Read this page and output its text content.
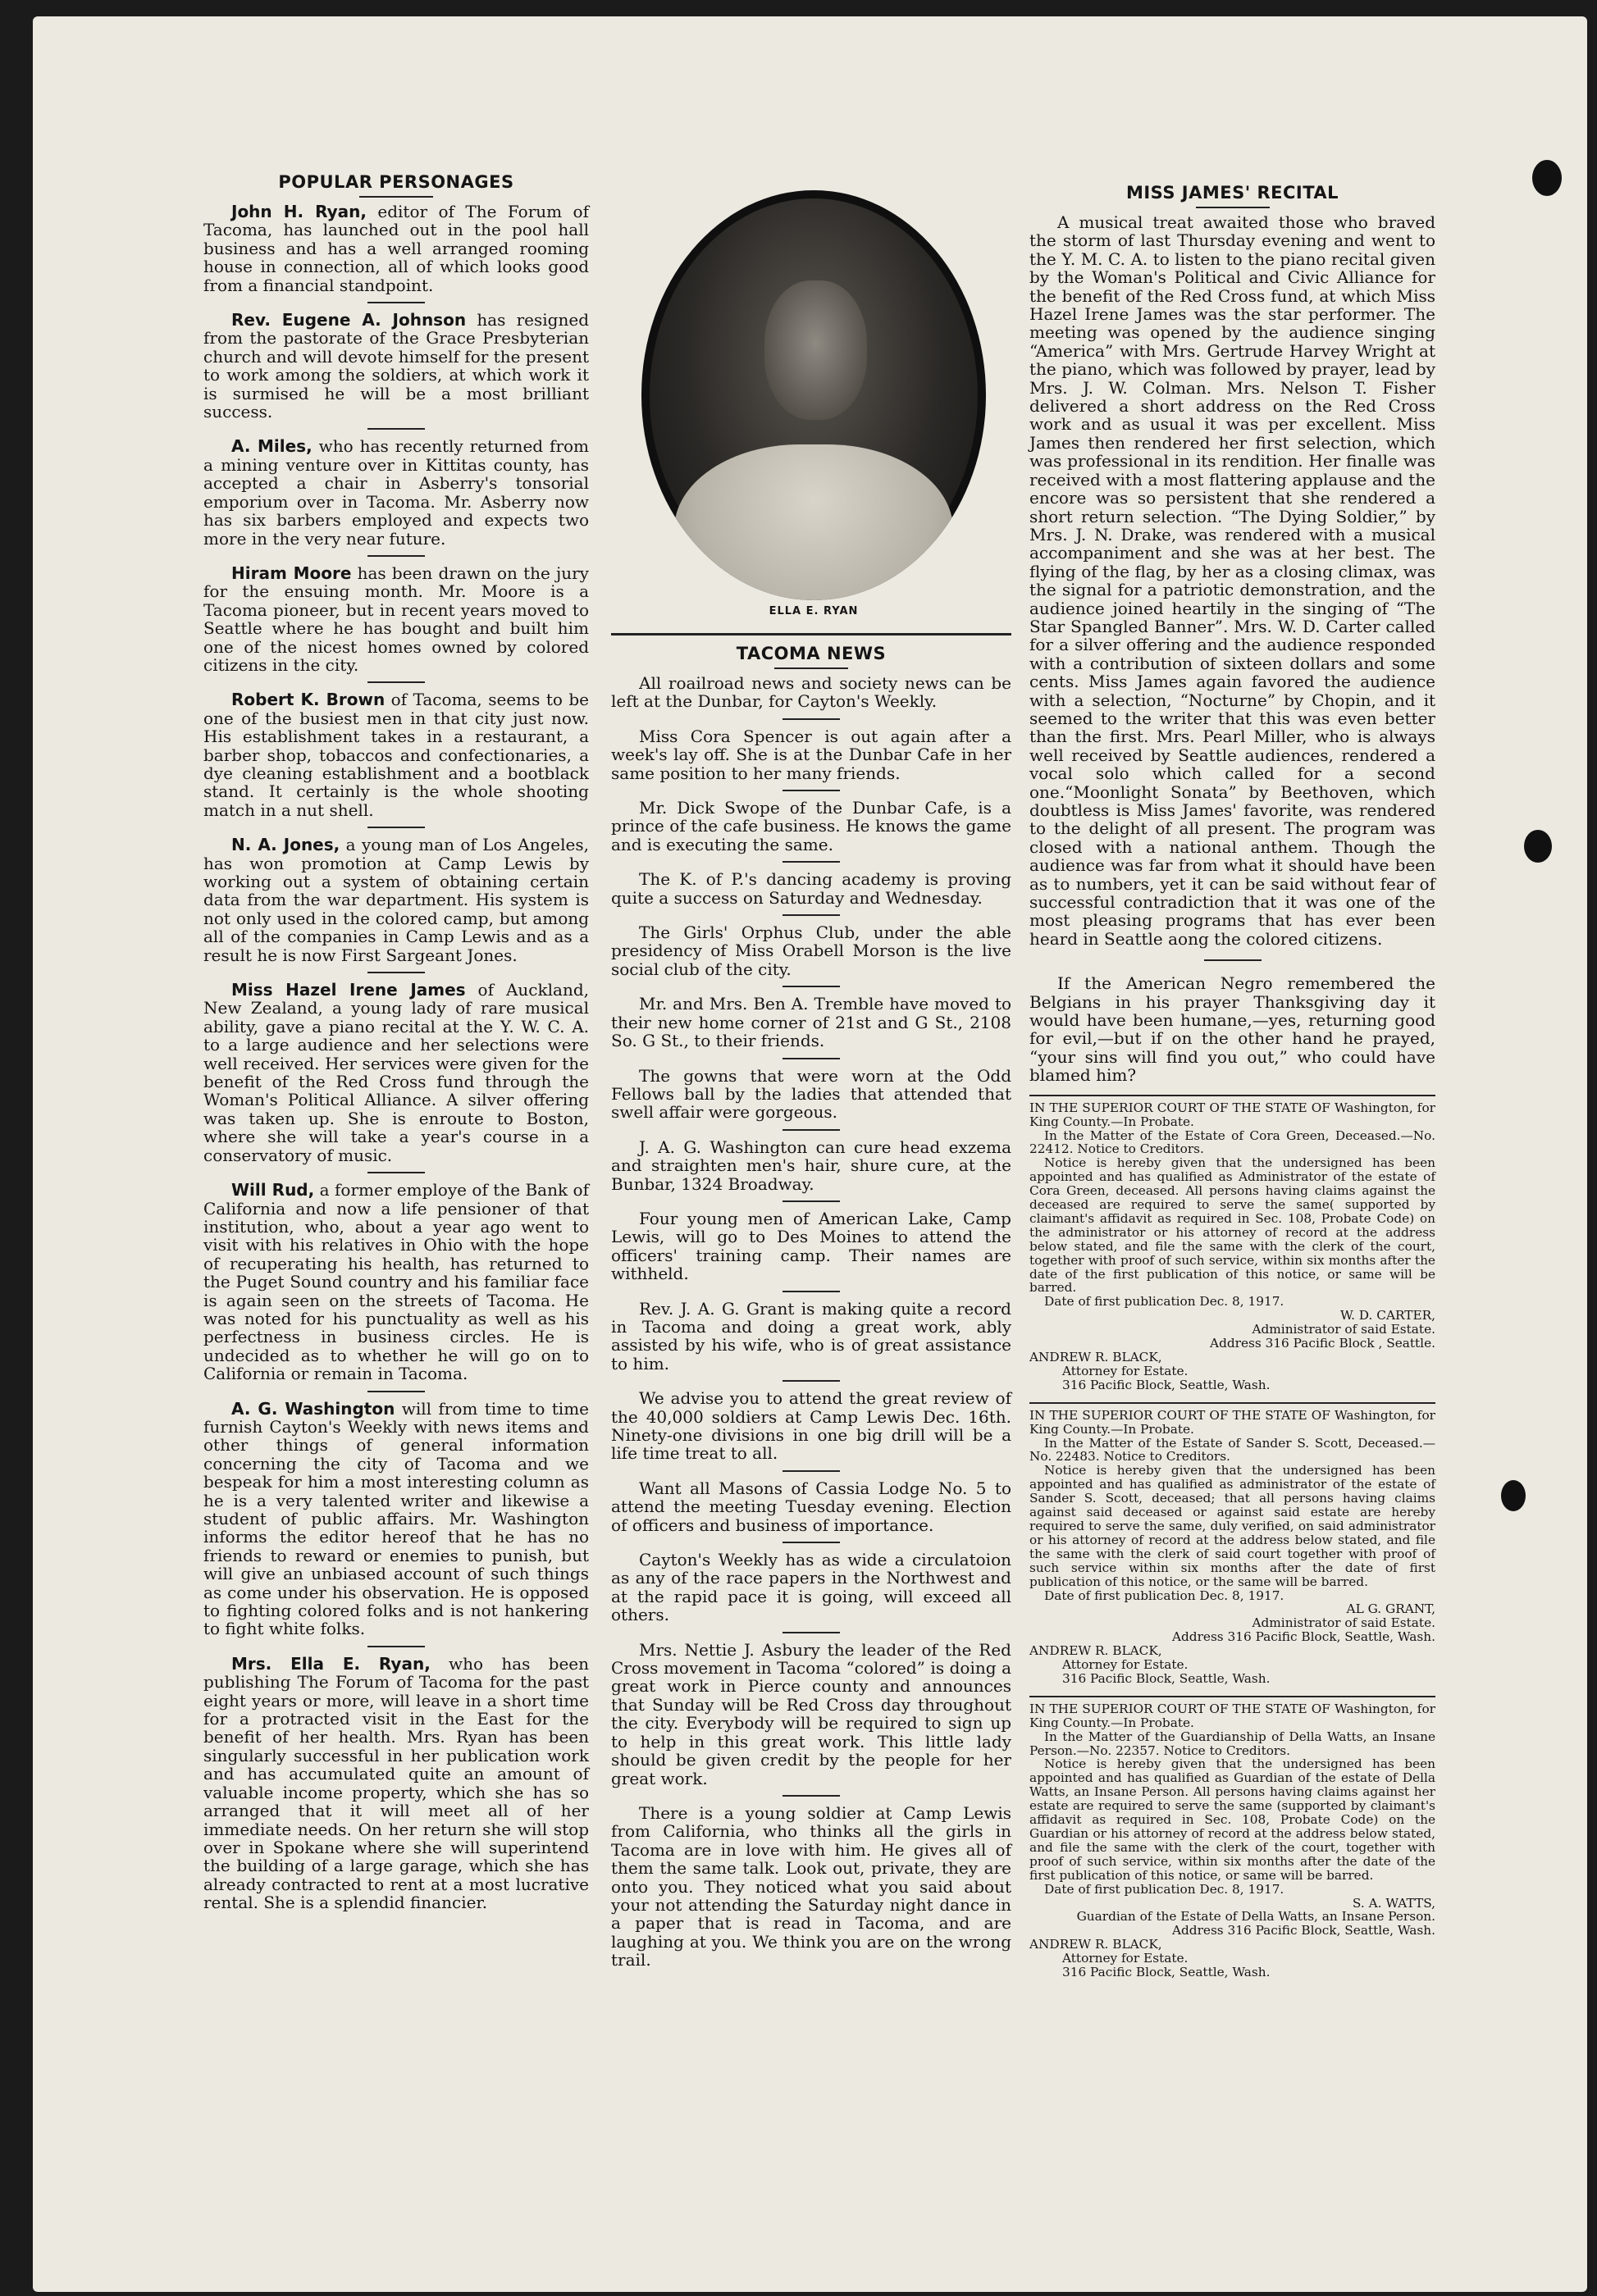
POPULAR PERSONAGES

John H. Ryan, editor of The Forum of Tacoma, has launched out in the pool hall business and has a well arranged rooming house in connection, all of which looks good from a financial standpoint.

Rev. Eugene A. Johnson has resigned from the pastorate of the Grace Presbyterian church and will devote himself for the present to work among the soldiers, at which work it is surmised he will be a most brilliant success.

A. Miles, who has recently returned from a mining venture over in Kittitas county, has accepted a chair in Asberry's tonsorial emporium over in Tacoma. Mr. Asberry now has six barbers employed and expects two more in the very near future.

Hiram Moore has been drawn on the jury for the ensuing month. Mr. Moore is a Tacoma pioneer, but in recent years moved to Seattle where he has bought and built him one of the nicest homes owned by colored citizens in the city.

Robert K. Brown of Tacoma, seems to be one of the busiest men in that city just now. His establishment takes in a restaurant, a barber shop, tobaccos and confectionaries, a dye cleaning establishment and a bootblack stand. It certainly is the whole shooting match in a nut shell.

N. A. Jones, a young man of Los Angeles, has won promotion at Camp Lewis by working out a system of obtaining certain data from the war department. His system is not only used in the colored camp, but among all of the companies in Camp Lewis and as a result he is now First Sargeant Jones.

Miss Hazel Irene James of Auckland, New Zealand, a young lady of rare musical ability, gave a piano recital at the Y. W. C. A. to a large audience and her selections were well received. Her services were given for the benefit of the Red Cross fund through the Woman's Political Alliance. A silver offering was taken up. She is enroute to Boston, where she will take a year's course in a conservatory of music.

Will Rud, a former employe of the Bank of California and now a life pensioner of that institution, who, about a year ago went to visit with his relatives in Ohio with the hope of recuperating his health, has returned to the Puget Sound country and his familiar face is again seen on the streets of Tacoma. He was noted for his punctuality as well as his perfectness in business circles. He is undecided as to whether he will go on to California or remain in Tacoma.

A. G. Washington will from time to time furnish Cayton's Weekly with news items and other things of general information concerning the city of Tacoma and we bespeak for him a most interesting column as he is a very talented writer and likewise a student of public affairs. Mr. Washington informs the editor hereof that he has no friends to reward or enemies to punish, but will give an unbiased account of such things as come under his observation. He is opposed to fighting colored folks and is not hankering to fight white folks.

Mrs. Ella E. Ryan, who has been publishing The Forum of Tacoma for the past eight years or more, will leave in a short time for a protracted visit in the East for the benefit of her health. Mrs. Ryan has been singularly successful in her publication work and has accumulated quite an amount of valuable income property, which she has so arranged that it will meet all of her immediate needs. On her return she will stop over in Spokane where she will superintend the building of a large garage, which she has already contracted to rent at a most lucrative rental. She is a splendid financier.

ELLA E. RYAN
TACOMA NEWS

All roailroad news and society news can be left at the Dunbar, for Cayton's Weekly.

Miss Cora Spencer is out again after a week's lay off. She is at the Dunbar Cafe in her same position to her many friends.

Mr. Dick Swope of the Dunbar Cafe, is a prince of the cafe business. He knows the game and is executing the same.

The K. of P.'s dancing academy is proving quite a success on Saturday and Wednesday.

The Girls' Orphus Club, under the able presidency of Miss Orabell Morson is the live social club of the city.

Mr. and Mrs. Ben A. Tremble have moved to their new home corner of 21st and G St., 2108 So. G St., to their friends.

The gowns that were worn at the Odd Fellows ball by the ladies that attended that swell affair were gorgeous.

J. A. G. Washington can cure head exzema and straighten men's hair, shure cure, at the Bunbar, 1324 Broadway.

Four young men of American Lake, Camp Lewis, will go to Des Moines to attend the officers' training camp. Their names are withheld.

Rev. J. A. G. Grant is making quite a record in Tacoma and doing a great work, ably assisted by his wife, who is of great assistance to him.

We advise you to attend the great review of the 40,000 soldiers at Camp Lewis Dec. 16th. Ninety-one divisions in one big drill will be a life time treat to all.

Want all Masons of Cassia Lodge No. 5 to attend the meeting Tuesday evening. Election of officers and business of importance.

Cayton's Weekly has as wide a circulatoion as any of the race papers in the Northwest and at the rapid pace it is going, will exceed all others.

Mrs. Nettie J. Asbury the leader of the Red Cross movement in Tacoma “colored” is doing a great work in Pierce county and announces that Sunday will be Red Cross day throughout the city. Everybody will be required to sign up to help in this great work. This little lady should be given credit by the people for her great work.

There is a young soldier at Camp Lewis from California, who thinks all the girls in Tacoma are in love with him. He gives all of them the same talk. Look out, private, they are onto you. They noticed what you said about your not attending the Saturday night dance in a paper that is read in Tacoma, and are laughing at you. We think you are on the wrong trail.

MISS JAMES' RECITAL

A musical treat awaited those who braved the storm of last Thursday evening and went to the Y. M. C. A. to listen to the piano recital given by the Woman's Political and Civic Alliance for the benefit of the Red Cross fund, at which Miss Hazel Irene James was the star performer. The meeting was opened by the audience singing “America” with Mrs. Gertrude Harvey Wright at the piano, which was followed by prayer, lead by Mrs. J. W. Colman. Mrs. Nelson T. Fisher delivered a short address on the Red Cross work and as usual it was per excellent. Miss James then rendered her first selection, which was professional in its rendition. Her finalle was received with a most flattering applause and the encore was so persistent that she rendered a short return selection. “The Dying Soldier,” by Mrs. J. N. Drake, was rendered with a musical accompaniment and she was at her best. The flying of the flag, by her as a closing climax, was the signal for a patriotic demonstration, and the audience joined heartily in the singing of “The Star Spangled Banner”. Mrs. W. D. Carter called for a silver offering and the audience responded with a contribution of sixteen dollars and some cents. Miss James again favored the audience with a selection, “Nocturne” by Chopin, and it seemed to the writer that this was even better than the first. Mrs. Pearl Miller, who is always well received by Seattle audiences, rendered a vocal solo which called for a second one.“Moonlight Sonata” by Beethoven, which doubtless is Miss James' favorite, was rendered to the delight of all present. The program was closed with a national anthem. Though the audience was far from what it should have been as to numbers, yet it can be said without fear of successful contradiction that it was one of the most pleasing programs that has ever been heard in Seattle aong the colored citizens.

If the American Negro remembered the Belgians in his prayer Thanksgiving day it would have been humane,—yes, returning good for evil,—but if on the other hand he prayed, “your sins will find you out,” who could have blamed him?

IN THE SUPERIOR COURT OF THE STATE OF Washington, for King County.—In Probate.

In the Matter of the Estate of Cora Green, Deceased.—No. 22412. Notice to Creditors.

Notice is hereby given that the undersigned has been appointed and has qualified as Administrator of the estate of Cora Green, deceased. All persons having claims against the deceased are required to serve the same( supported by claimant's affidavit as required in Sec. 108, Probate Code) on the administrator or his attorney of record at the address below stated, and file the same with the clerk of the court, together with proof of such service, within six months after the date of the first publication of this notice, or same will be barred.

Date of first publication Dec. 8, 1917.

W. D. CARTER,

Administrator of said Estate.

Address 316 Pacific Block , Seattle.

ANDREW R. BLACK,

Attorney for Estate.

316 Pacific Block, Seattle, Wash.

IN THE SUPERIOR COURT OF THE STATE OF Washington, for King County.—In Probate.

In the Matter of the Estate of Sander S. Scott, Deceased.—No. 22483. Notice to Creditors.

Notice is hereby given that the undersigned has been appointed and has qualified as administrator of the estate of Sander S. Scott, deceased; that all persons having claims against said deceased or against said estate are hereby required to serve the same, duly verified, on said administrator or his attorney of record at the address below stated, and file the same with the clerk of said court together with proof of such service within six months after the date of first publication of this notice, or the same will be barred.

Date of first publication Dec. 8, 1917.

AL G. GRANT,

Administrator of said Estate.

Address 316 Pacific Block, Seattle, Wash.

ANDREW R. BLACK,

Attorney for Estate.

316 Pacific Block, Seattle, Wash.

IN THE SUPERIOR COURT OF THE STATE OF Washington, for King County.—In Probate.

In the Matter of the Guardianship of Della Watts, an Insane Person.—No. 22357. Notice to Creditors.

Notice is hereby given that the undersigned has been appointed and has qualified as Guardian of the estate of Della Watts, an Insane Person. All persons having claims against her estate are required to serve the same (supported by claimant's affidavit as required in Sec. 108, Probate Code) on the Guardian or his attorney of record at the address below stated, and file the same with the clerk of the court, together with proof of such service, within six months after the date of the first publication of this notice, or same will be barred.

Date of first publication Dec. 8, 1917.

S. A. WATTS,

Guardian of the Estate of Della Watts, an Insane Person.

Address 316 Pacific Block, Seattle, Wash.

ANDREW R. BLACK,

Attorney for Estate.

316 Pacific Block, Seattle, Wash.
